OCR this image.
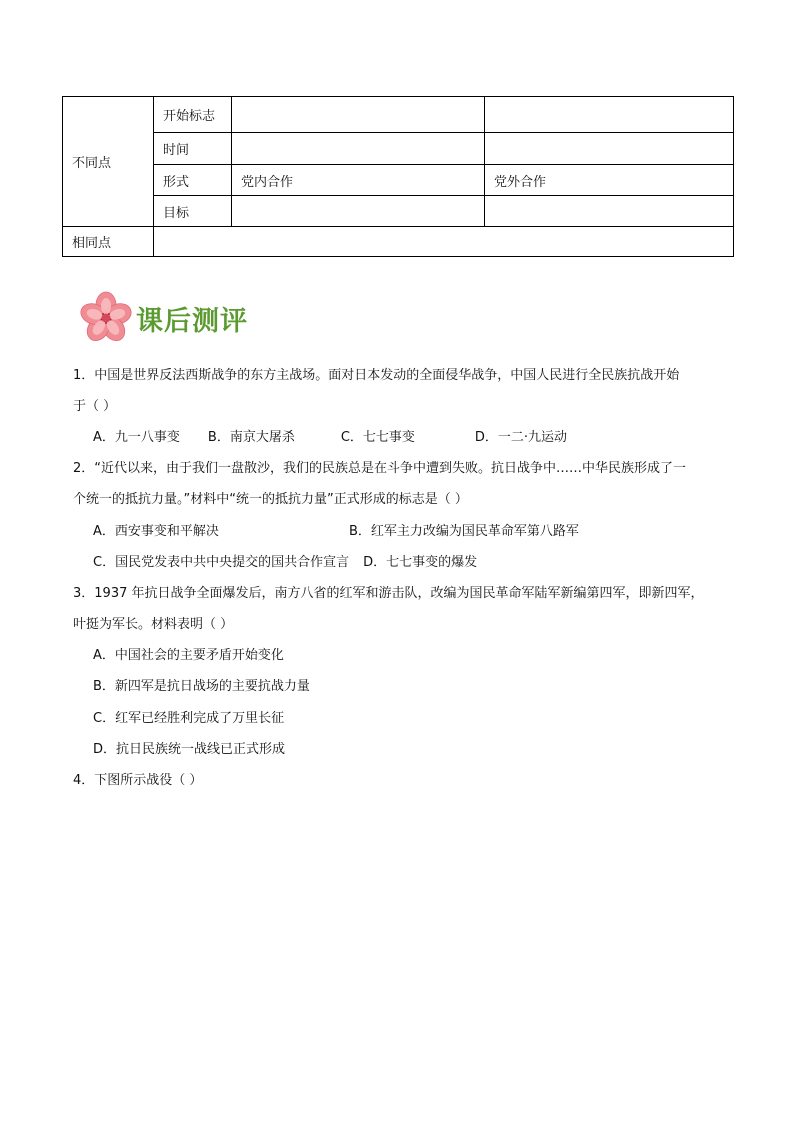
不同点	开始标志		
	时间		
	形式	党内合作	党外合作
	目标		
相同点			
课后测评
1．中国是世界反法西斯战争的东方主战场。面对日本发动的全面侵华战争，中国人民进行全民族抗战开始
于（ ）
A．九一八事变 B．南京大屠杀	C．七七事变	D．一二·九运动
2．“近代以来，由于我们一盘散沙，我们的民族总是在斗争中遭到失败。抗日战争中……中华民族形成了一
个统一的抵抗力量。”材料中“统一的抵抗力量”正式形成的标志是（ ）
A．西安事变和平解决	B．红军主力改编为国民革命军第八路军
C．国民党发表中共中央提交的国共合作宣言 D．七七事变的爆发
3．1937 年抗日战争全面爆发后，南方八省的红军和游击队，改编为国民革命军陆军新编第四军，即新四军，
叶挺为军长。材料表明（ ）
A．中国社会的主要矛盾开始变化
B．新四军是抗日战场的主要抗战力量
C．红军已经胜利完成了万里长征
D．抗日民族统一战线已正式形成
4．下图所示战役（ ）
